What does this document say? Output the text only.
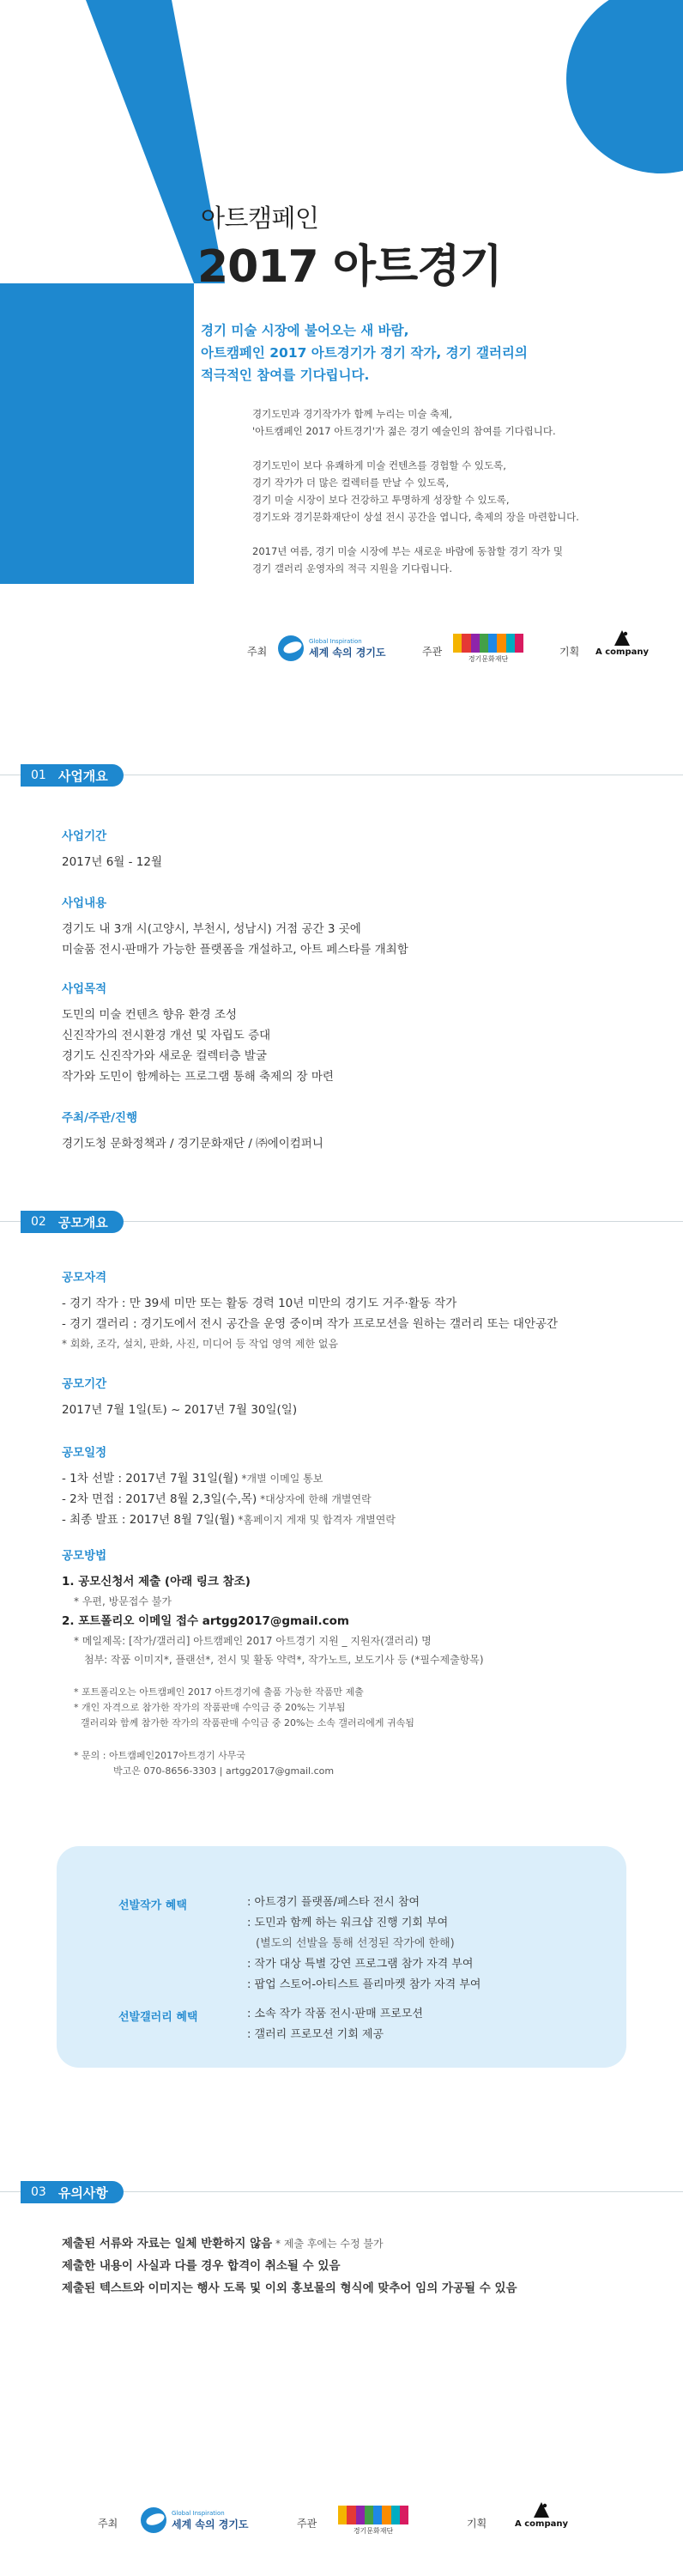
아트캠페인
2017 아트경기

경기 미술 시장에 불어오는 새 바람,

아트캠페인 2017 아트경기가 경기 작가, 경기 갤러리의

적극적인 참여를 기다립니다.

경기도민과 경기작가가 함께 누리는 미술 축제,

'아트캠페인 2017 아트경기'가 젊은 경기 예술인의 참여를 기다립니다.

경기도민이 보다 유쾌하게 미술 컨텐츠를 경험할 수 있도록,

경기 작가가 더 많은 컬렉터를 만날 수 있도록,

경기 미술 시장이 보다 건강하고 투명하게 성장할 수 있도록,

경기도와 경기문화재단이 상설 전시 공간을 엽니다, 축제의 장을 마련합니다.

2017년 여름, 경기 미술 시장에 부는 새로운 바람에 동참할 경기 작가 및

경기 갤러리 운영자의 적극 지원을 기다립니다.

주최
Global Inspiration
세계 속의 경기도	주관
경기문화재단
기획	A company
01 사업개요
사업기간
2017년 6월 - 12월
사업내용
경기도 내 3개 시(고양시, 부천시, 성남시) 거점 공간 3 곳에
미술품 전시·판매가 가능한 플랫폼을 개설하고, 아트 페스타를 개최함
사업목적
도민의 미술 컨텐츠 향유 환경 조성
신진작가의 전시환경 개선 및 자립도 증대
경기도 신진작가와 새로운 컬렉터층 발굴
작가와 도민이 함께하는 프로그램 통해 축제의 장 마련
주최/주관/진행
경기도청 문화정책과 / 경기문화재단 / ㈜에이컴퍼니
02 공모개요
공모자격
- 경기 작가 : 만 39세 미만 또는 활동 경력 10년 미만의 경기도 거주·활동 작가
- 경기 갤러리 : 경기도에서 전시 공간을 운영 중이며 작가 프로모션을 원하는 갤러리 또는 대안공간
* 회화, 조각, 설치, 판화, 사진, 미디어 등 작업 영역 제한 없음
공모기간
2017년 7월 1일(토) ~ 2017년 7월 30일(일)
공모일정
- 1차 선발 : 2017년 7월 31일(월) *개별 이메일 통보
- 2차 면접 : 2017년 8월 2,3일(수,목) *대상자에 한해 개별연락
- 최종 발표 : 2017년 8월 7일(월) *홈페이지 게재 및 합격자 개별연락
공모방법
1. 공모신청서 제출 (아래 링크 참조)
* 우편, 방문접수 불가
2. 포트폴리오 이메일 접수 artgg2017@gmail.com
* 메일제목: [작가/갤러리] 아트캠페인 2017 아트경기 지원 _ 지원자(갤러리) 명
첨부: 작품 이미지*, 플랜선*, 전시 및 활동 약력*, 작가노트, 보도기사 등 (*필수제출항목)

* 포트폴리오는 아트캠페인 2017 아트경기에 출품 가능한 작품만 제출

* 개인 자격으로 참가한 작가의 작품판매 수익금 중 20%는 기부됨

갤러리와 함께 참가한 작가의 작품판매 수익금 중 20%는 소속 갤러리에게 귀속됨

* 문의 : 아트캠페인2017아트경기 사무국

박고은 070-8656-3303 | artgg2017@gmail.com

선발작가 혜택	: 아트경기 플랫폼/페스타 전시 참여

: 도민과 함께 하는 워크샵 진행 기회 부여

(별도의 선발을 통해 선정된 작가에 한해)

: 작가 대상 특별 강연 프로그램 참가 자격 부여

: 팝업 스토어-아티스트 플리마켓 참가 자격 부여

선발갤러리 혜택	: 소속 작가 작품 전시·판매 프로모션

: 갤러리 프로모션 기회 제공

03 유의사항

제출된 서류와 자료는 일체 반환하지 않음 * 제출 후에는 수정 불가

제출한 내용이 사실과 다를 경우 합격이 취소될 수 있음

제출된 텍스트와 이미지는 행사 도록 및 이외 홍보물의 형식에 맞추어 임의 가공될 수 있음

주최
Global Inspiration
세계 속의 경기도	주관
경기문화재단
기획	A company
